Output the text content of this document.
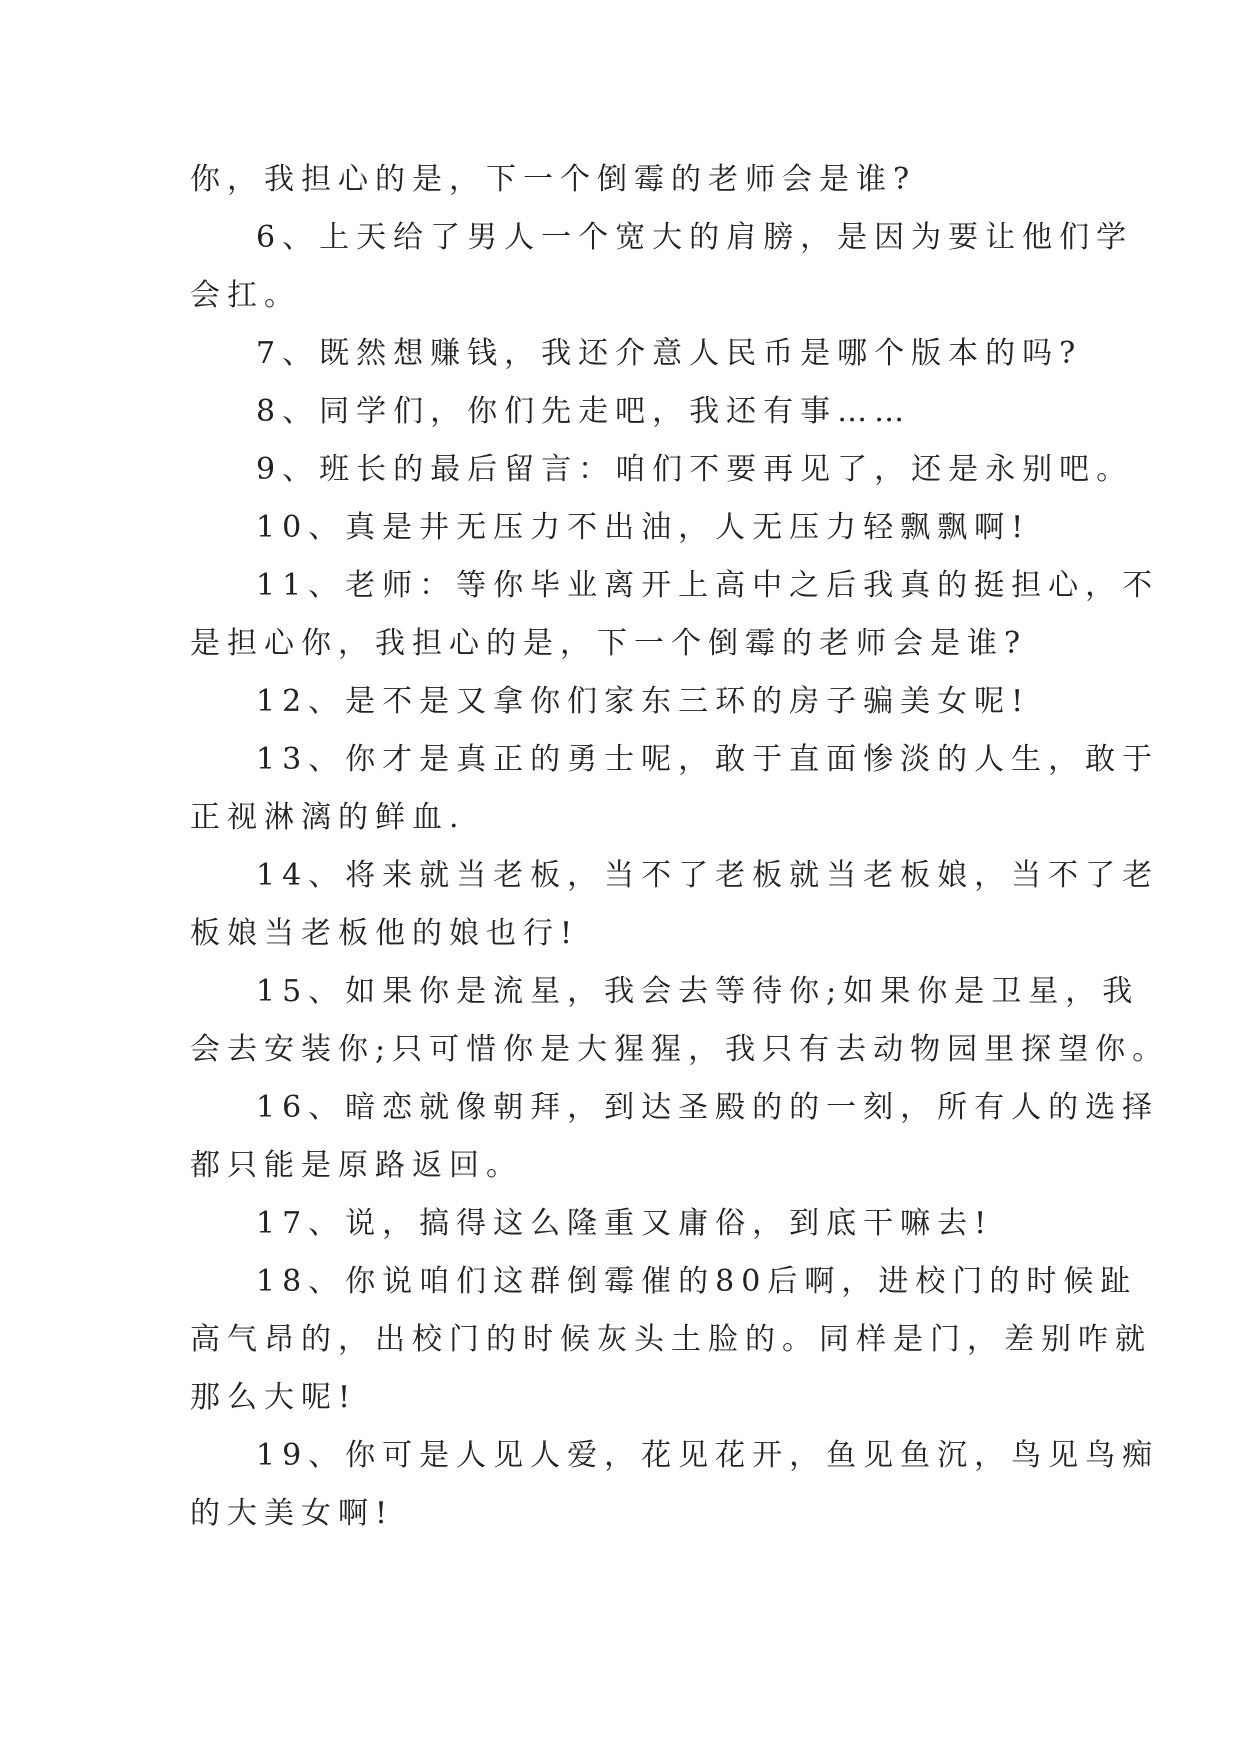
你，我担心的是，下一个倒霉的老师会是谁?

6、上天给了男人一个宽大的肩膀，是因为要让他们学
会扛。

7、既然想赚钱，我还介意人民币是哪个版本的吗?

8、同学们，你们先走吧，我还有事……

9、班长的最后留言：咱们不要再见了，还是永别吧。

10、真是井无压力不出油，人无压力轻飘飘啊!

11、老师：等你毕业离开上高中之后我真的挺担心，不
是担心你，我担心的是，下一个倒霉的老师会是谁?

12、是不是又拿你们家东三环的房子骗美女呢!

13、你才是真正的勇士呢，敢于直面惨淡的人生，敢于
正视淋漓的鲜血.

14、将来就当老板，当不了老板就当老板娘，当不了老
板娘当老板他的娘也行!

15、如果你是流星，我会去等待你;如果你是卫星，我
会去安装你;只可惜你是大猩猩，我只有去动物园里探望你。

16、暗恋就像朝拜，到达圣殿的的一刻，所有人的选择
都只能是原路返回。

17、说，搞得这么隆重又庸俗，到底干嘛去!

18、你说咱们这群倒霉催的80后啊，进校门的时候趾
高气昂的，出校门的时候灰头土脸的。同样是门，差别咋就
那么大呢!

19、你可是人见人爱，花见花开，鱼见鱼沉，鸟见鸟痴
的大美女啊!
